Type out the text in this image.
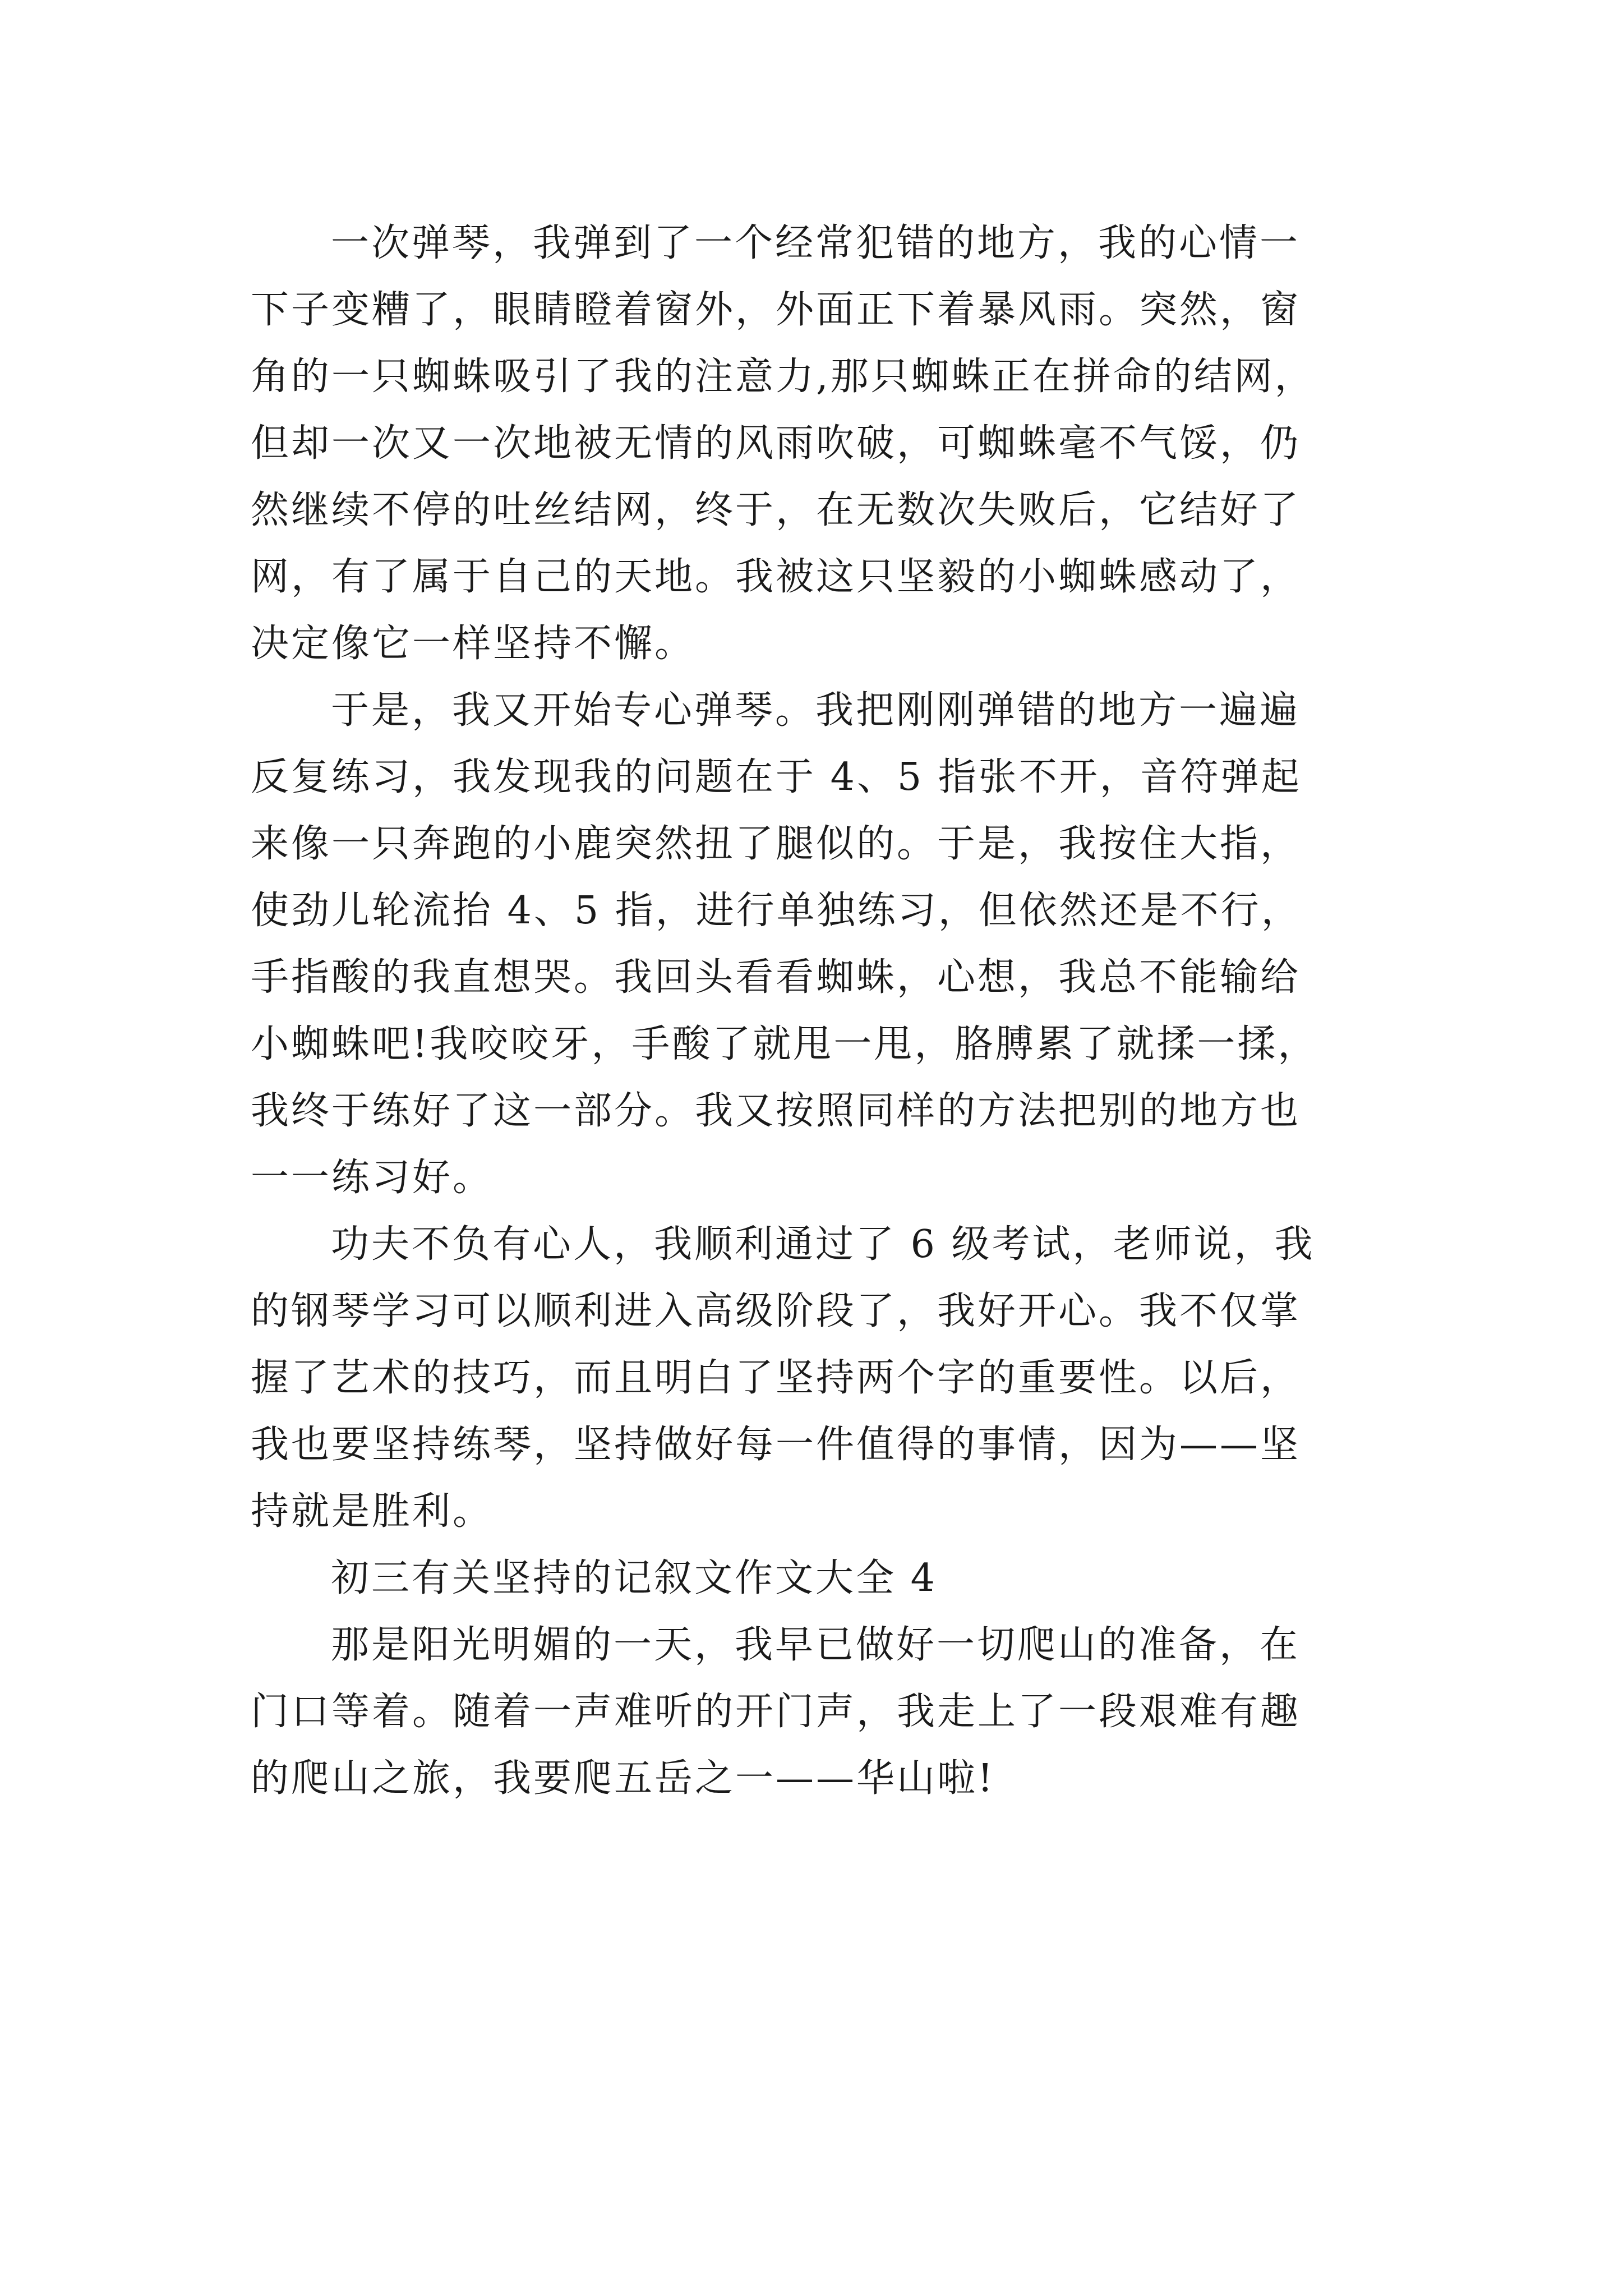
一次弹琴，我弹到了一个经常犯错的地方，我的心情一

下子变糟了，眼睛瞪着窗外，外面正下着暴风雨。突然，窗

角的一只蜘蛛吸引了我的注意力,那只蜘蛛正在拼命的结网，

但却一次又一次地被无情的风雨吹破，可蜘蛛毫不气馁，仍

然继续不停的吐丝结网，终于，在无数次失败后，它结好了

网，有了属于自己的天地。我被这只坚毅的小蜘蛛感动了，

决定像它一样坚持不懈。

于是，我又开始专心弹琴。我把刚刚弹错的地方一遍遍

反复练习，我发现我的问题在于 4、5 指张不开，音符弹起

来像一只奔跑的小鹿突然扭了腿似的。于是，我按住大指，

使劲儿轮流抬 4、5 指，进行单独练习，但依然还是不行，

手指酸的我直想哭。我回头看看蜘蛛，心想，我总不能输给

小蜘蛛吧!我咬咬牙，手酸了就甩一甩，胳膊累了就揉一揉，

我终于练好了这一部分。我又按照同样的方法把别的地方也

一一练习好。

功夫不负有心人，我顺利通过了 6 级考试，老师说，我

的钢琴学习可以顺利进入高级阶段了，我好开心。我不仅掌

握了艺术的技巧，而且明白了坚持两个字的重要性。以后，

我也要坚持练琴，坚持做好每一件值得的事情，因为——坚

持就是胜利。

初三有关坚持的记叙文作文大全 4

那是阳光明媚的一天，我早已做好一切爬山的准备，在

门口等着。随着一声难听的开门声，我走上了一段艰难有趣

的爬山之旅，我要爬五岳之一——华山啦!
